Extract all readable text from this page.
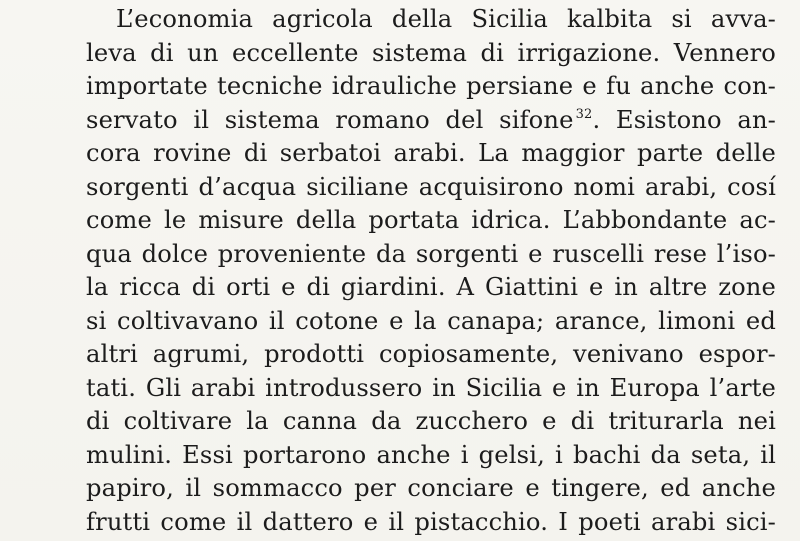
L’economia agricola della Sicilia kalbita si avva-
leva di un eccellente sistema di irrigazione. Vennero
importate tecniche idrauliche persiane e fu anche con-
servato il sistema romano del sifone $^{32}$. Esistono an-
cora rovine di serbatoi arabi. La maggior parte delle
sorgenti d’acqua siciliane acquisirono nomi arabi, cosí
come le misure della portata idrica. L’abbondante ac-
qua dolce proveniente da sorgenti e ruscelli rese l’iso-
la ricca di orti e di giardini. A Giattini e in altre zone
si coltivavano il cotone e la canapa; arance, limoni ed
altri agrumi, prodotti copiosamente, venivano espor-
tati. Gli arabi introdussero in Sicilia e in Europa l’arte
di coltivare la canna da zucchero e di triturarla nei
mulini. Essi portarono anche i gelsi, i bachi da seta, il
papiro, il sommacco per conciare e tingere, ed anche
frutti come il dattero e il pistacchio. I poeti arabi sici-
